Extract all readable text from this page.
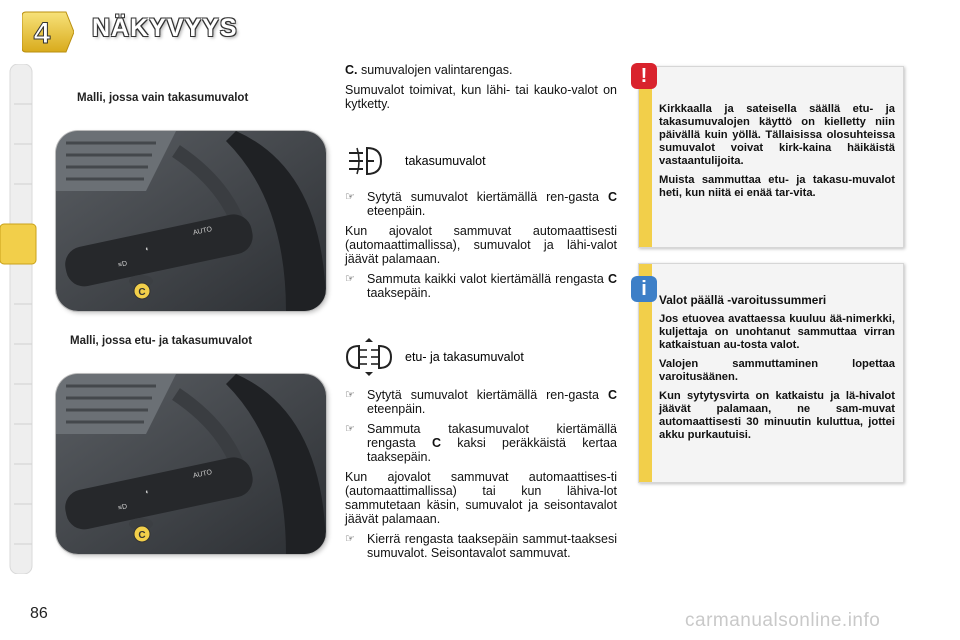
4 NÄKYVYYS
Malli, jossa vain takasumuvalot
Malli, jossa etu- ja takasumuvalot
≡D
◐
AUTO
C
≡D
◐
AUTO
C

C. sumuvalojen valintarengas.

Sumuvalot toimivat, kun lähi- tai kauko-valot on kytketty.

takasumuvalot

☞ Sytytä sumuvalot kiertämällä ren-gasta C eteenpäin.

Kun ajovalot sammuvat automaattisesti (automaattimallissa), sumuvalot ja lähi-valot jäävät palamaan.

☞ Sammuta kaikki valot kiertämällä rengasta C taaksepäin.

etu- ja takasumuvalot

☞ Sytytä sumuvalot kiertämällä ren-gasta C eteenpäin.

☞ Sammuta takasumuvalot kiertämällä rengasta C kaksi peräkkäistä kertaa taaksepäin.

Kun ajovalot sammuvat automaattises-ti (automaattimallissa) tai kun lähiva-lot sammutetaan käsin, sumuvalot ja seisontavalot jäävät palamaan.

☞ Kierrä rengasta taaksepäin sammut-taaksesi sumuvalot. Seisontavalot sammuvat.

!

Kirkkaalla ja sateisella säällä etu- ja takasumuvalojen käyttö on kielletty niin päivällä kuin yöllä. Tällaisissa olosuhteissa sumuvalot voivat kirk-kaina häikäistä vastaantulijoita.

Muista sammuttaa etu- ja takasu-muvalot heti, kun niitä ei enää tar-vita.

i	Valot päällä -varoitussummeri

Jos etuovea avattaessa kuuluu ää-nimerkki, kuljettaja on unohtanut sammuttaa virran katkaistuan au-tosta valot.

Valojen sammuttaminen lopettaa varoitusäänen.

Kun sytytysvirta on katkaistu ja lä-hivalot jäävät palamaan, ne sam-muvat automaattisesti 30 minuutin kuluttua, jottei akku purkautuisi.

86	carmanualsonline.info
